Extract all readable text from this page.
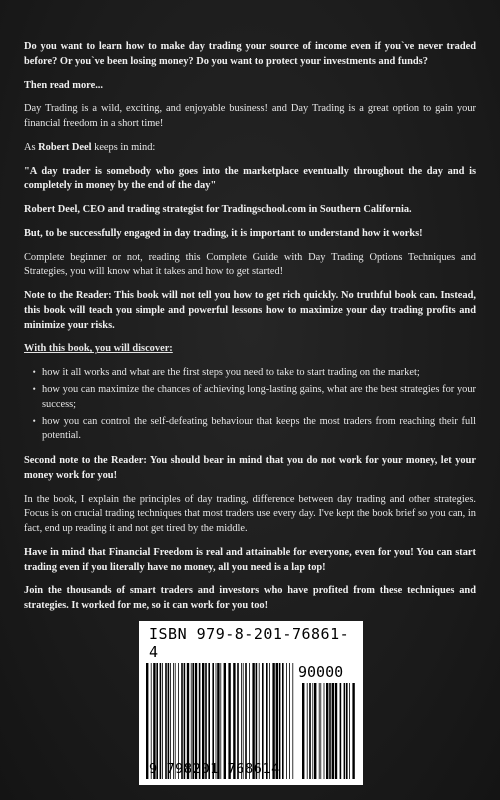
Do you want to learn how to make day trading your source of income even if you`ve never traded before? Or you`ve been losing money? Do you want to protect your investments and funds?

Then read more...

Day Trading is a wild, exciting, and enjoyable business! and Day Trading is a great option to gain your financial freedom in a short time!

As Robert Deel keeps in mind:

"A day trader is somebody who goes into the marketplace eventually throughout the day and is completely in money by the end of the day"

Robert Deel, CEO and trading strategist for Tradingschool.com in Southern California.

But, to be successfully engaged in day trading, it is important to understand how it works!

Complete beginner or not, reading this Complete Guide with Day Trading Options Techniques and Strategies, you will know what it takes and how to get started!

Note to the Reader: This book will not tell you how to get rich quickly. No truthful book can. Instead, this book will teach you simple and powerful lessons how to maximize your day trading profits and minimize your risks.

With this book, you will discover:

• how it all works and what are the first steps you need to take to start trading on the market;
• how you can maximize the chances of achieving long-lasting gains, what are the best strategies for your success;
• how you can control the self-defeating behaviour that keeps the most traders from reaching their full potential.

Second note to the Reader: You should bear in mind that you do not work for your money, let your money work for you!

In the book, I explain the principles of day trading, difference between day trading and other strategies. Focus is on crucial trading techniques that most traders use every day. I've kept the book brief so you can, in fact, end up reading it and not get tired by the middle.

Have in mind that Financial Freedom is real and attainable for everyone, even for you! You can start trading even if you literally have no money, all you need is a lap top!

Join the thousands of smart traders and investors who have profited from these techniques and strategies. It worked for me, so it can work for you too!

ISBN 979-8-201-76861-4
90000
9 798201 768614
